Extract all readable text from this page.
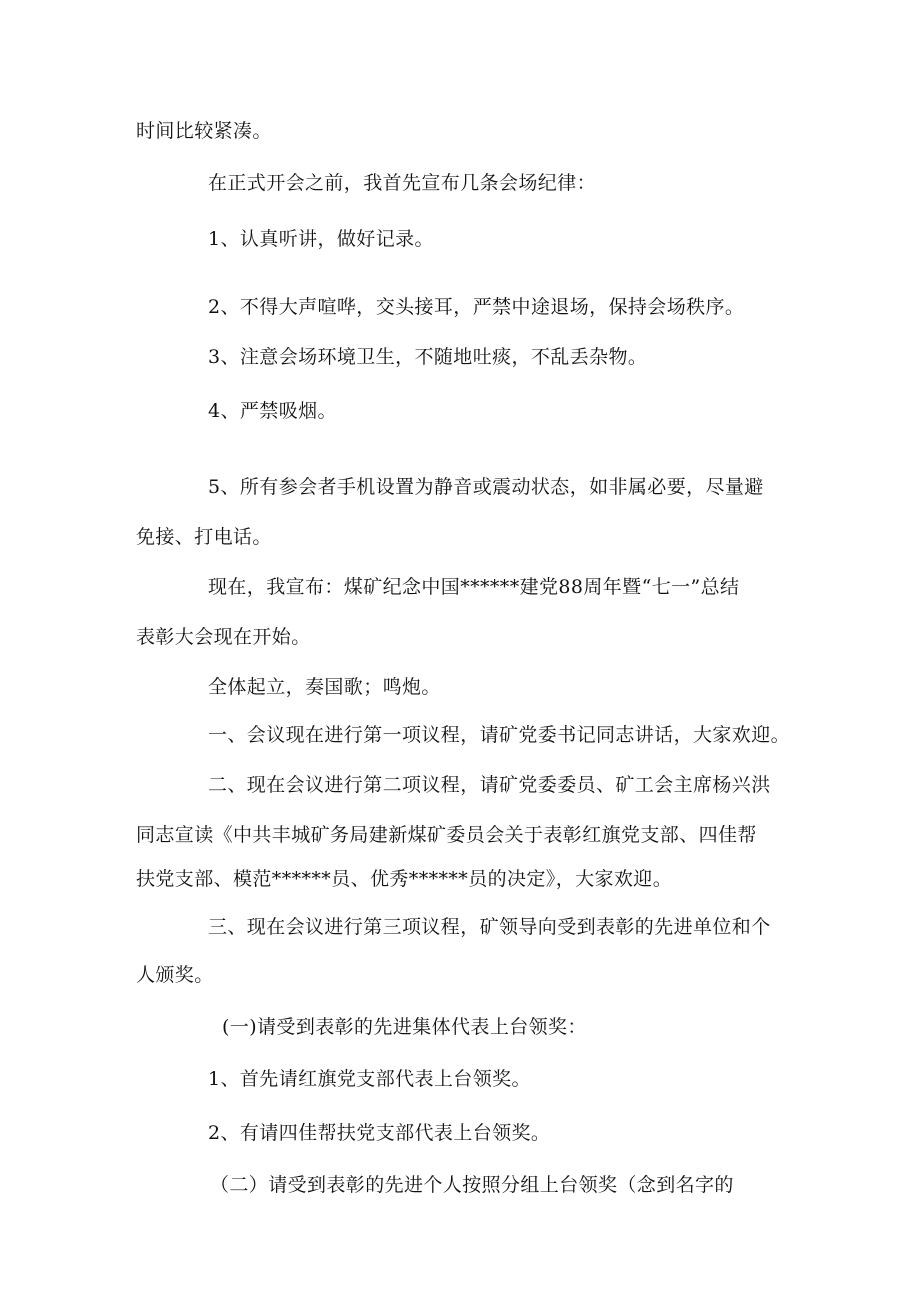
时间比较紧凑。
在正式开会之前，我首先宣布几条会场纪律：
1、认真听讲，做好记录。
2、不得大声喧哗，交头接耳，严禁中途退场，保持会场秩序。
3、注意会场环境卫生，不随地吐痰，不乱丢杂物。
4、严禁吸烟。
5、所有参会者手机设置为静音或震动状态，如非属必要，尽量避
免接、打电话。
现在，我宣布：煤矿纪念中国******建党88周年暨“七一”总结
表彰大会现在开始。
全体起立，奏国歌；鸣炮。
一、会议现在进行第一项议程，请矿党委书记同志讲话，大家欢迎。
二、现在会议进行第二项议程，请矿党委委员、矿工会主席杨兴洪
同志宣读《中共丰城矿务局建新煤矿委员会关于表彰红旗党支部、四佳帮
扶党支部、模范******员、优秀******员的决定》，大家欢迎。
三、现在会议进行第三项议程，矿领导向受到表彰的先进单位和个
人颁奖。
(一)请受到表彰的先进集体代表上台领奖：
1、首先请红旗党支部代表上台领奖。
2、有请四佳帮扶党支部代表上台领奖。
（二）请受到表彰的先进个人按照分组上台领奖（念到名字的
